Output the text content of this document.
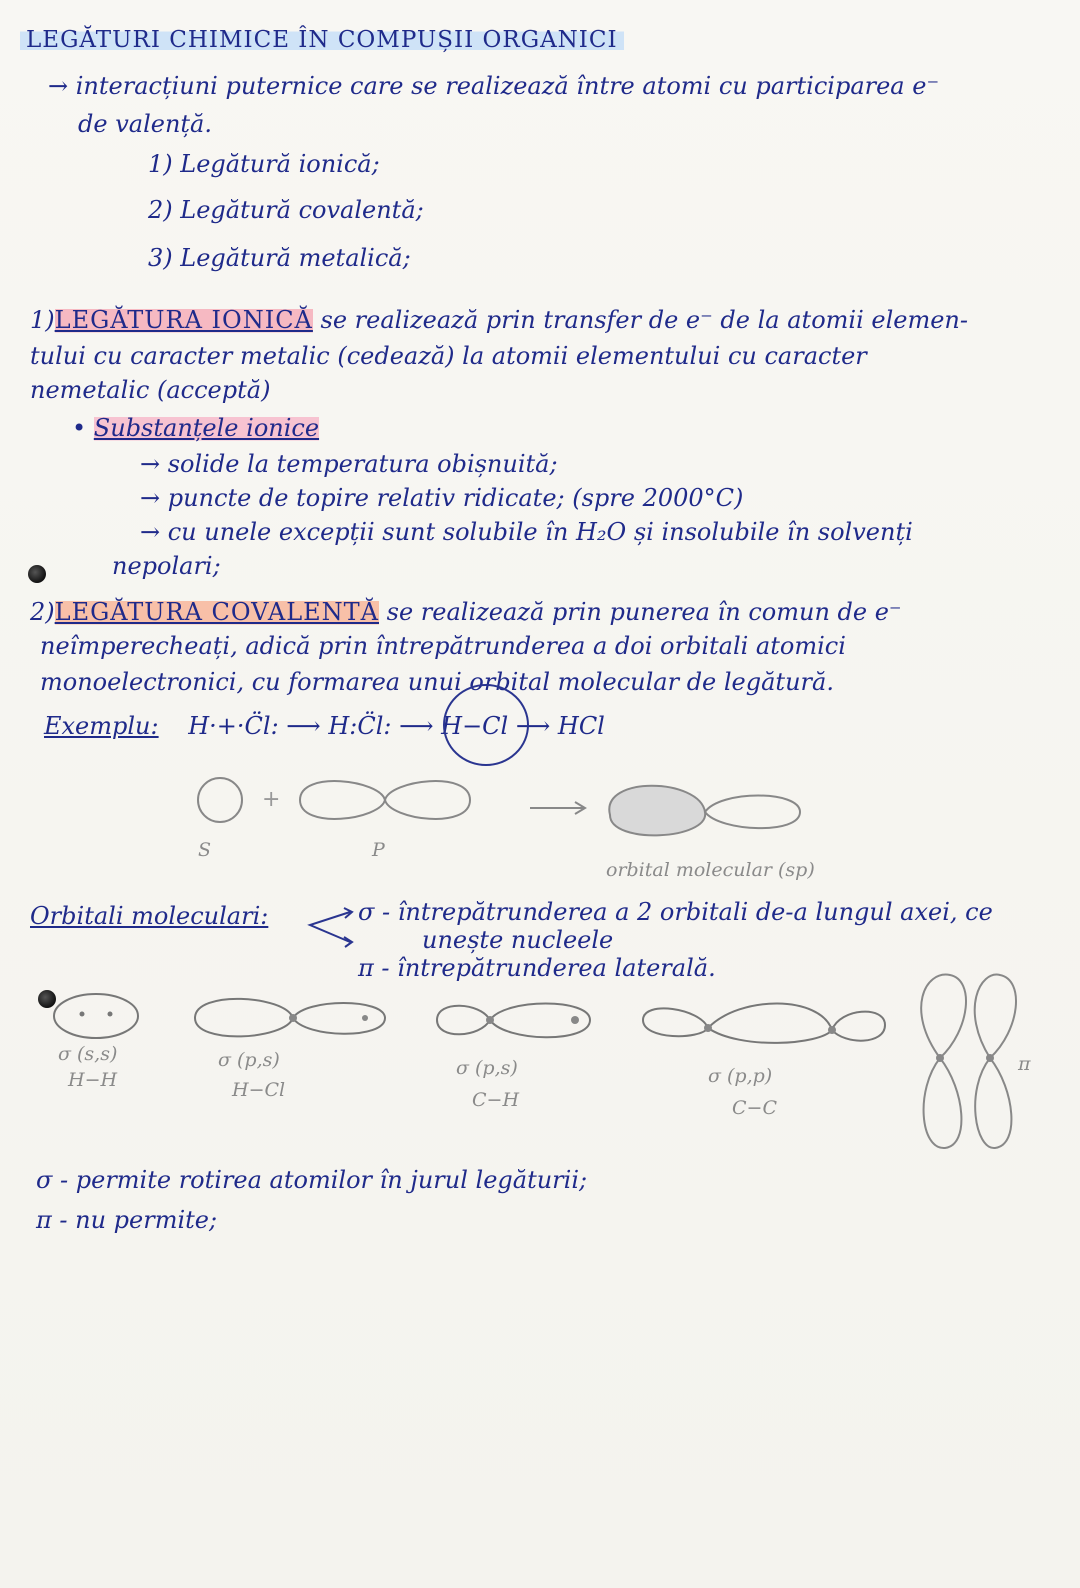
LEGĂTURI CHIMICE ÎN COMPUȘII ORGANICI
→ interacțiuni puternice care se realizează între atomi cu participarea e⁻
de valență.
1) Legătură ionică;
2) Legătură covalentă;
3) Legătură metalică;
1)LEGĂTURA IONICĂ se realizează prin transfer de e⁻ de la atomii elemen-
tului cu caracter metalic (cedează) la atomii elementului cu caracter
nemetalic (acceptă)
• Substanțele ionice
→ solide la temperatura obișnuită;
→ puncte de topire relativ ridicate; (spre 2000°C)
→ cu unele excepții sunt solubile în H₂O și insolubile în solvenți
nepolari;
2)LEGĂTURA COVALENTĂ se realizează prin punerea în comun de e⁻
neîmperecheați, adică prin întrepătrunderea a doi orbitali atomici
monoelectronici, cu formarea unui orbital molecular de legătură.
Exemplu: H·+·C̈l: ⟶ H:C̈l: ⟶ H−Cl ⟶ HCl
+
S	P
orbital molecular (sp)
Orbitali moleculari:	σ - întrepătrunderea a 2 orbitali de-a lungul axei, ce
unește nucleele
π - întrepătrunderea laterală.
σ (s,s)
H−H
σ (p,s)
H−Cl
σ (p,s)
C−H
σ (p,p)
C−C
π
σ - permite rotirea atomilor în jurul legăturii;
π - nu permite;
